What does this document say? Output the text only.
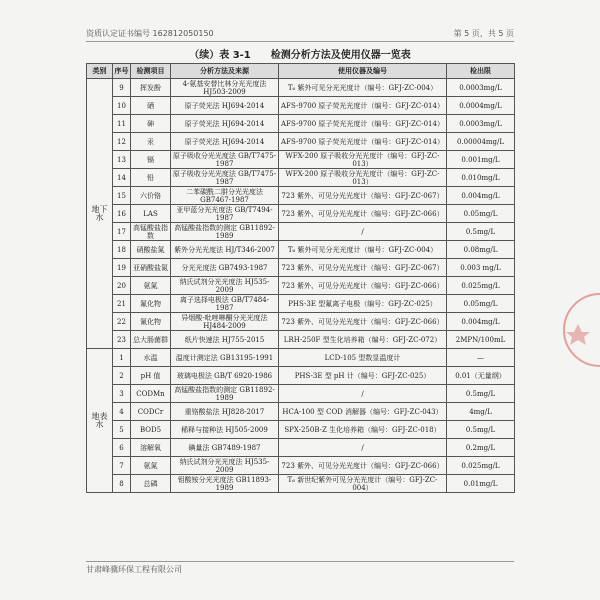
资质认定证书编号 162812050150	第 5 页，共 5 页
（续）表 3-1　　检测分析方法及使用仪器一览表
类别	序号	检测项目	分析方法及来源	使用仪器及编号	检出限
地下水	9	挥发酚	4-氨基安替比林分光光度法 HJ503-2009	T₆ 紫外可见分光光度计（编号：GFJ-ZC-004）	0.0003mg/L
	10	硒	原子荧光法 HJ694-2014	AFS-9700 原子荧光光度计（编号：GFJ-ZC-014）	0.0004mg/L
	11	砷	原子荧光法 HJ694-2014	AFS-9700 原子荧光光度计（编号：GFJ-ZC-014）	0.0003mg/L
	12	汞	原子荧光法 HJ694-2014	AFS-9700 原子荧光光度计（编号：GFJ-ZC-014）	0.00004mg/L
	13	镉	原子吸收分光光度法 GB/T7475-1987	WFX-200 原子吸收分光光度计（编号：GFJ-ZC-013）	0.001mg/L
	14	铅	原子吸收分光光度法 GB/T7475-1987	WFX-200 原子吸收分光光度计（编号：GFJ-ZC-013）	0.010mg/L
	15	六价铬	二苯碳酰二肼分光光度法 GB7467-1987	723 紫外、可见分光光度计（编号：GFJ-ZC-067）	0.004mg/L
	16	LAS	亚甲蓝分光光度法 GB/T7494-1987	723 紫外、可见分光光度计（编号：GFJ-ZC-066）	0.05mg/L
	17	高锰酸盐指数	高锰酸盐指数的测定 GB11892-1989	/	0.5mg/L
	18	硝酸盐氮	紫外分光光度法 HJ/T346-2007	T₆ 紫外可见分光光度计（编号：GFJ-ZC-004）	0.08mg/L
	19	亚硝酸盐氮	分光光度法 GB7493-1987	723 紫外、可见分光光度计（编号：GFJ-ZC-067）	0.003 mg/L
	20	氨氮	纳氏试剂分光光度法 HJ535-2009	723 紫外、可见分光光度计（编号：GFJ-ZC-066）	0.025mg/L
	21	氟化物	离子选择电极法 GB/T7484-1987	PHS-3E 型氟离子电极（编号：GFJ-ZC-025）	0.05mg/L
	22	氰化物	异烟酸-吡唑啉酮分光光度法 HJ484-2009	723 紫外、可见分光光度计（编号：GFJ-ZC-066）	0.004mg/L
	23	总大肠菌群	纸片快速法 HJ755-2015	LRH-250F 型生化培养箱（编号：GFJ-ZC-072）	2MPN/100mL
地表水	1	水温	温度计测定法 GB13195-1991	LCD-105 型数显温度计	—
	2	pH 值	玻璃电极法 GB/T 6920-1986	PHS-3E 型 pH 计（编号：GFJ-ZC-025）	0.01（无量纲）
	3	CODMn	高锰酸盐指数的测定 GB11892-1989	/	0.5mg/L
	4	CODCr	重铬酸盐法 HJ828-2017	HCA-100 型 COD 消解器（编号：GFJ-ZC-043）	4mg/L
	5	BOD5	稀释与接种法 HJ505-2009	SPX-250B-Z 生化培养箱（编号：GFJ-ZC-018）	0.5mg/L
	6	溶解氧	碘量法 GB7489-1987	/	0.2mg/L
	7	氨氮	纳氏试剂分光光度法 HJ535-2009	723 紫外、可见分光光度计（编号：GFJ-ZC-066）	0.025mg/L
	8	总磷	钼酸铵分光光度法 GB11893-1989	T₆ 新世纪紫外可见分光光度计（编号：GFJ-ZC-004）	0.01mg/L
甘肃峰骥环保工程有限公司
